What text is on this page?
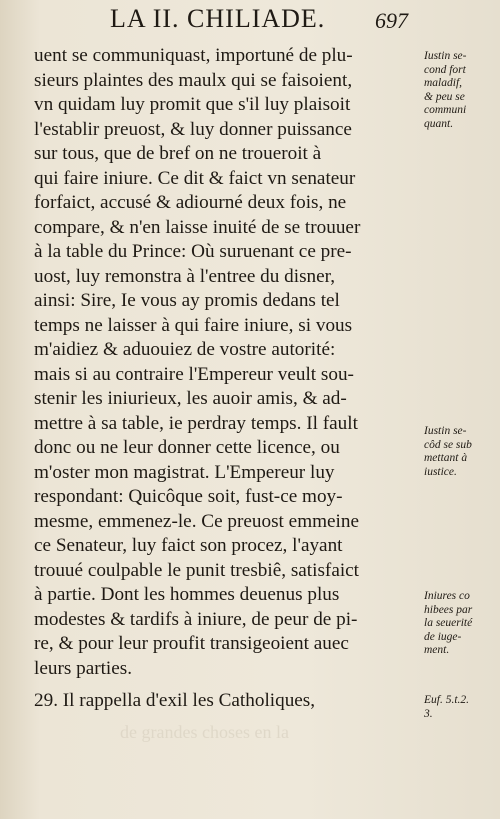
LA II. CHILIADE. 697
uent se communiquast, importuné de plu-
sieurs plaintes des maulx qui se faisoient,
vn quidam luy promit que s'il luy plaisoit
l'establir preuost, & luy donner puissance
sur tous, que de bref on ne troueroit à
qui faire iniure. Ce dit & faict vn senateur
forfaict, accusé & adiourné deux fois, ne
compare, & n'en laisse inuité de se trouuer
à la table du Prince: Où suruenant ce pre-
uost, luy remonstra à l'entree du disner,
ainsi: Sire, Ie vous ay promis dedans tel
temps ne laisser à qui faire iniure, si vous
m'aidiez & aduouiez de vostre autorité:
mais si au contraire l'Empereur veult sou-
stenir les iniurieux, les auoir amis, & ad-
mettre à sa table, ie perdray temps. Il fault
donc ou ne leur donner cette licence, ou
m'oster mon magistrat. L'Empereur luy
respondant: Quicôque soit, fust-ce moy-
mesme, emmenez-le. Ce preuost emmeine
ce Senateur, luy faict son procez, l'ayant
trouué coulpable le punit tresbiê, satisfaict
à partie. Dont les hommes deuenus plus
modestes & tardifs à iniure, de peur de pi-
re, & pour leur proufit transigeoient auec
leurs parties.
29. Il rappella d'exil les Catholiques,
de grandes choses en la
Iustin se-
cond fort
maladif,
& peu se
communi
quant.
Iustin se-
côd se sub
mettant à
iustice.
Iniures co
hibees par
la seuerité
de iuge-
ment.
Euf. 5.t.2.
3.
